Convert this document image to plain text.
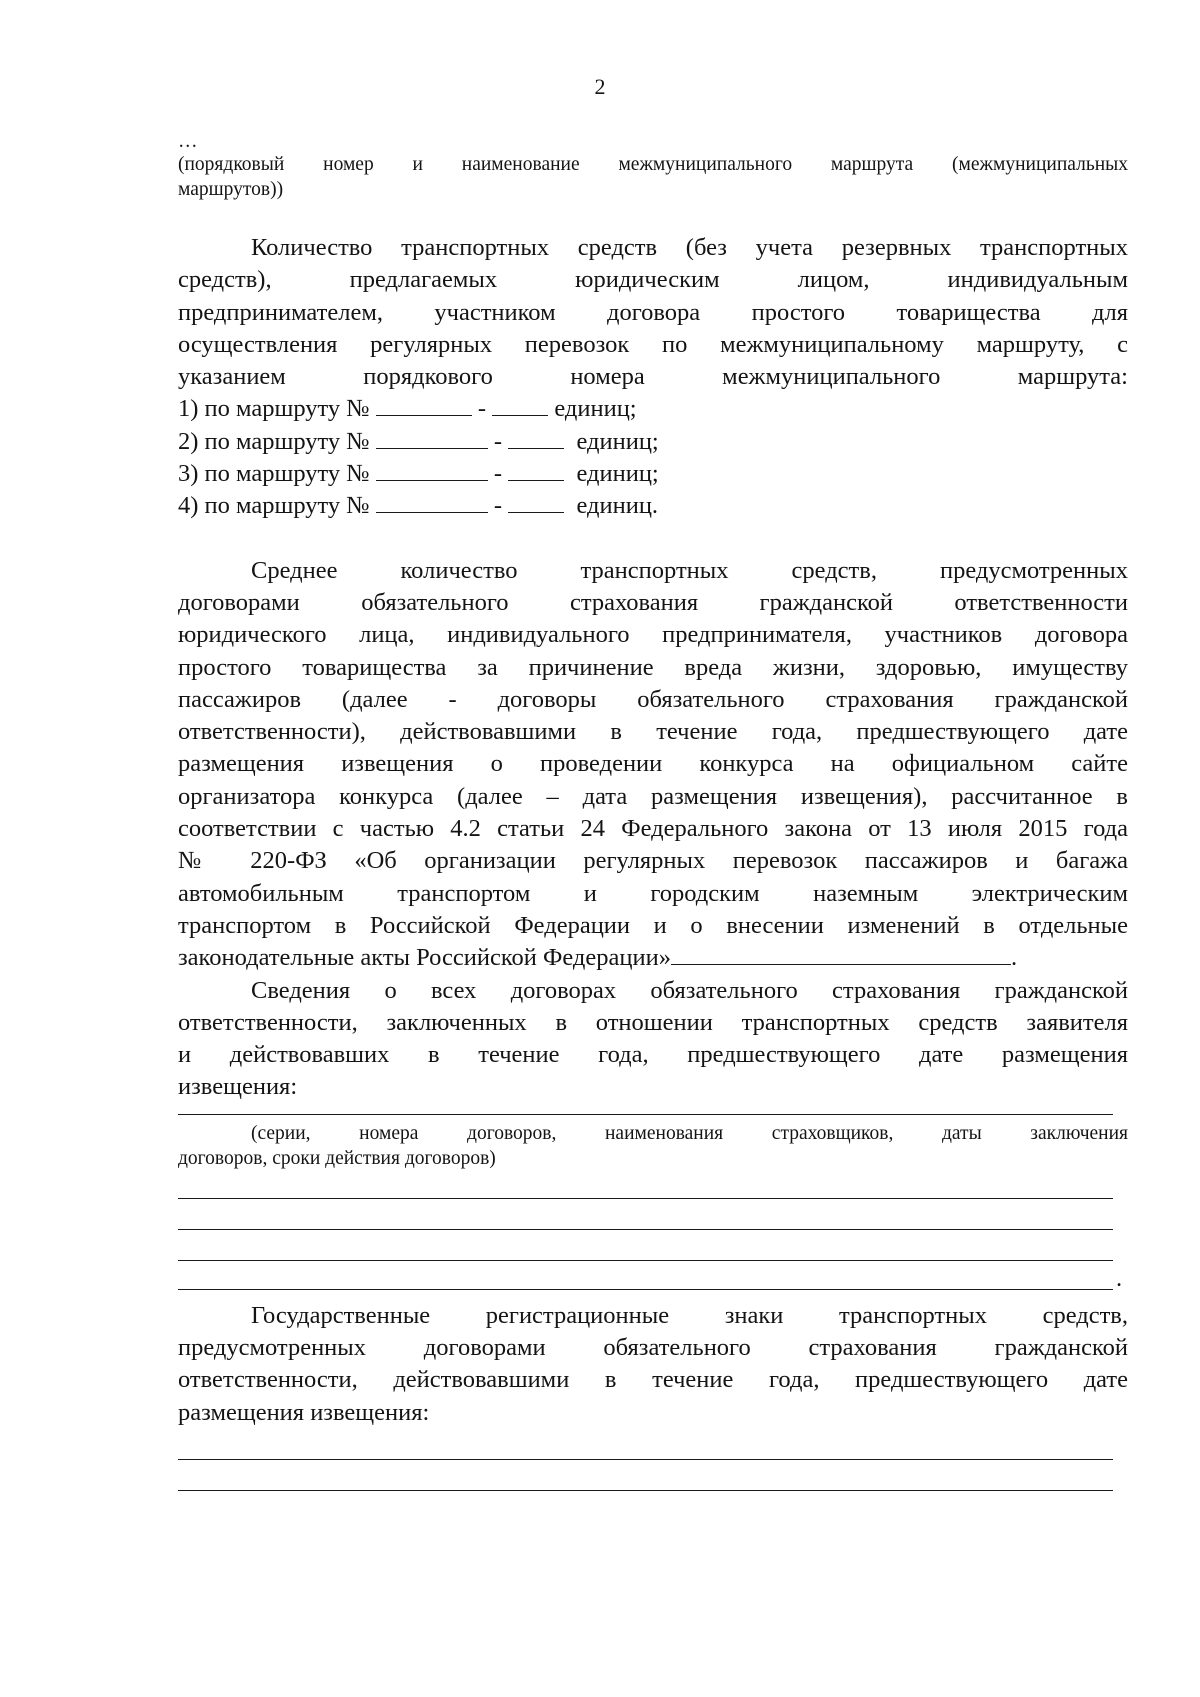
2
…
(порядковый номер и наименование межмуниципального маршрута (межмуниципальных
маршрутов))
Количество транспортных средств (без учета резервных транспортных
средств), предлагаемых юридическим лицом, индивидуальным
предпринимателем, участником договора простого товарищества для
осуществления регулярных перевозок по межмуниципальному маршруту, с
указанием порядкового номера межмуниципального маршрута:
1) по маршруту №	-	единиц;
2) по маршруту №	-	единиц;
3) по маршруту №	-	единиц;
4) по маршруту №	-	единиц.
Среднее количество транспортных средств, предусмотренных
договорами обязательного страхования гражданской ответственности
юридического лица, индивидуального предпринимателя, участников договора
простого товарищества за причинение вреда жизни, здоровью, имуществу
пассажиров (далее - договоры обязательного страхования гражданской
ответственности), действовавшими в течение года, предшествующего дате
размещения извещения о проведении конкурса на официальном сайте
организатора конкурса (далее – дата размещения извещения), рассчитанное в
соответствии с частью 4.2 статьи 24 Федерального закона от 13 июля 2015 года
№ 220-ФЗ «Об организации регулярных перевозок пассажиров и багажа
автомобильным транспортом и городским наземным электрическим
транспортом в Российской Федерации и о внесении изменений в отдельные
законодательные акты Российской Федерации»	.
Сведения о всех договорах обязательного страхования гражданской
ответственности, заключенных в отношении транспортных средств заявителя
и действовавших в течение года, предшествующего дате размещения
извещения:
(серии, номера договоров, наименования страховщиков, даты заключения
договоров, сроки действия договоров)
.
Государственные регистрационные знаки транспортных средств,
предусмотренных договорами обязательного страхования гражданской
ответственности, действовавшими в течение года, предшествующего дате
размещения извещения:
